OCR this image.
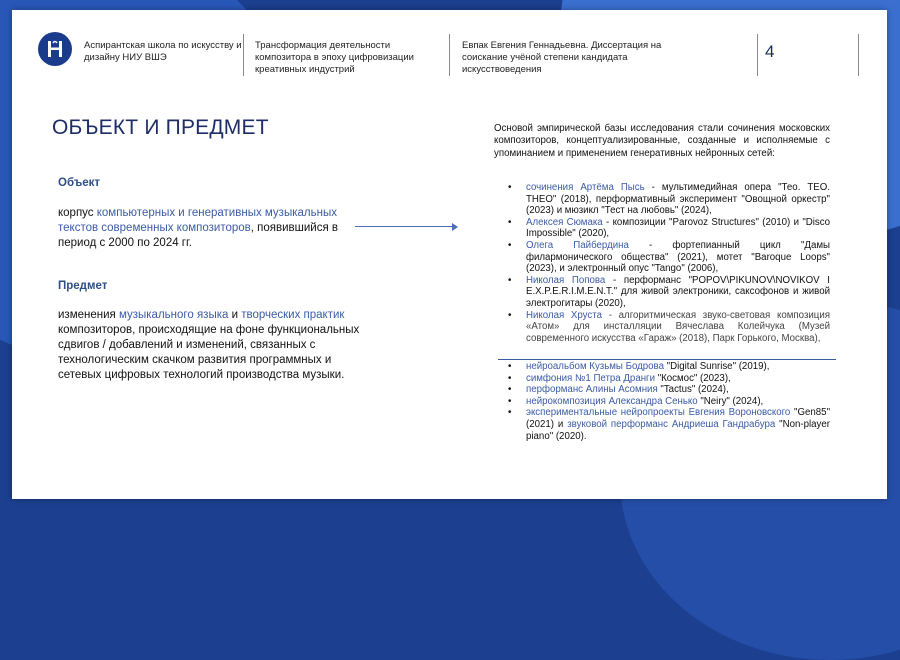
Аспирантская школа по искусству и дизайну НИУ ВШЭ
Трансформация деятельности композитора в эпоху цифровизации креативных индустрий
Евпак Евгения Геннадьевна. Диссертация на соискание учёной степени кандидата искусствоведения
4
ОБЪЕКТ И ПРЕДМЕТ
Объект
корпус компьютерных и генеративных музыкальных текстов современных композиторов, появившийся в период с 2000 по 2024 гг.
Предмет
изменения музыкального языка и творческих практик композиторов, происходящие на фоне функциональных сдвигов / добавлений и изменений, связанных с технологическим скачком развития программных и сетевых цифровых технологий производства музыки.
Основой эмпирической базы исследования стали сочинения московских композиторов, концептуализированные, созданные и исполняемые с упоминанием и применением генеративных нейронных сетей:
• сочинения Артёма Пысь - мультимедийная опера "Тео. ТЕО. THEO" (2018), перформативный эксперимент "Овощной оркестр" (2023) и мюзикл "Тест на любовь" (2024),
• Алексея Сюмака - композиции "Parovoz Structures" (2010) и "Disco Impossible" (2020),
• Олега Пайбердина - фортепианный цикл "Дамы филармонического общества" (2021), мотет "Baroque Loops" (2023), и электронный опус "Tango" (2006),
• Николая Попова - перформанс "POPOV\PIKUNOV\NOVIKOV I E.X.P.E.R.I.M.E.N.T." для живой электроники, саксофонов и живой электрогитары (2020),
• Николая Хруста - алгоритмическая звуко-световая композиция «Атом» для инсталляции Вячеслава Колейчука (Музей современного искусства «Гараж» (2018), Парк Горького, Москва),
• нейроальбом Кузьмы Бодрова "Digital Sunrise" (2019),
• симфония №1 Петра Дранги "Космос" (2023),
• перформанс Алины Асомния "Tactus" (2024),
• нейрокомпозиция Александра Сенько "Neiry" (2024),
• экспериментальные нейропроекты Евгения Вороновского "Gen85" (2021) и звуковой перформанс Андриеша Гандрабура "Non-player piano" (2020).
